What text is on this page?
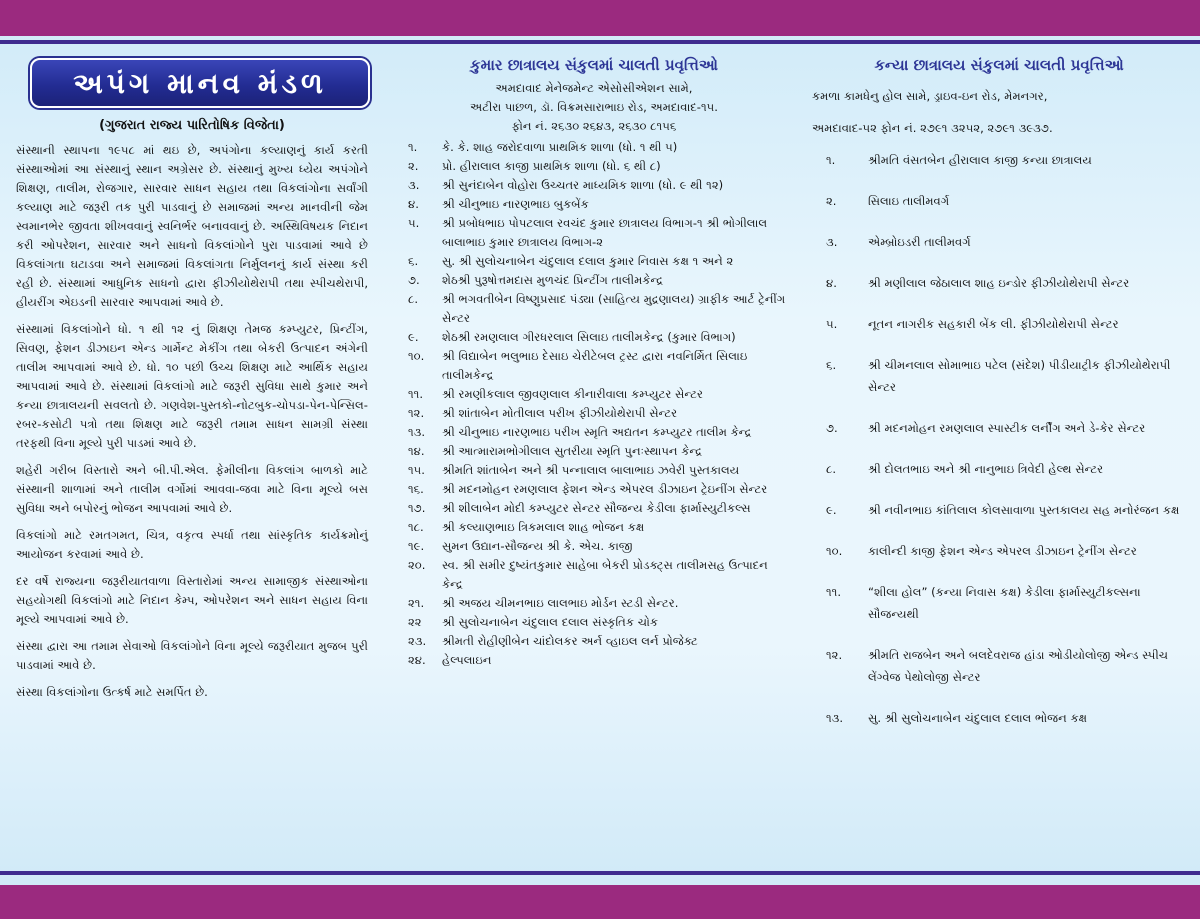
અપંગ માનવ મંડળ
(ગુજરાત રાજ્ય પારિતોષિક વિજેતા)

સંસ્થાની સ્થાપના ૧૯૫૮ માં થઇ છે, અપંગોના કલ્યાણનું કાર્ય કરતી સંસ્થાઓમાં આ સંસ્થાનું સ્થાન અગ્રેસર છે. સંસ્થાનું મુખ્ય ધ્યેય અપંગોને શિક્ષણ, તાલીમ, રોજગાર, સારવાર સાધન સહાય તથા વિકલાંગોના સર્વાંગી કલ્યાણ માટે જરૂરી તક પુરી પાડવાનું છે સમાજમાં અન્ય માનવીની જેમ સ્વમાનભેર જીવતા શીખવવાનું સ્વનિર્ભર બનાવવાનું છે. અસ્થિવિષયક નિદાન કરી ઓપરેશન, સારવાર અને સાધનો વિકલાંગોને પુરા પાડવામાં આવે છે વિકલાંગતા ઘટાડવા અને સમાજમાં વિકલાંગતા નિર્મુલનનું કાર્ય સંસ્થા કરી રહી છે. સંસ્થામાં આધુનિક સાધનો દ્વારા ફીઝીયોથેરાપી તથા સ્પીચથેરાપી, હીયરીંગ એઇડની સારવાર આપવામાં આવે છે.

સંસ્થામાં વિકલાંગોને ધો. ૧ થી ૧૨ નું શિક્ષણ તેમજ કમ્પ્યુટર, પ્રિન્ટીંગ, સિવણ, ફેશન ડીઝાઇન એન્ડ ગાર્મેન્ટ મેકીંગ તથા બેકરી ઉત્પાદન અંગેની તાલીમ આપવામાં આવે છે. ધો. ૧૦ પછી ઉચ્ચ શિક્ષણ માટે આર્થિક સહાય આપવામાં આવે છે. સંસ્થામાં વિકલાંગો માટે જરૂરી સુવિધા સાથે કુમાર અને કન્યા છાત્રાલયની સવલતો છે. ગણવેશ-પુસ્તકો-નોટબુક-ચોપડા-પેન-પેન્સિલ-રબર-કસોટી પત્રો તથા શિક્ષણ માટે જરૂરી તમામ સાધન સામગ્રી સંસ્થા તરફથી વિના મૂલ્યે પુરી પાડમાં આવે છે.

શહેરી ગરીબ વિસ્તારો અને બી.પી.એલ. ફેમીલીના વિકલાંગ બાળકો માટે સંસ્થાની શાળામાં અને તાલીમ વર્ગોમાં આવવા-જવા માટે વિના મૂલ્યે બસ સુવિધા અને બપોરનું ભોજન આપવામાં આવે છે.

વિકલાંગો માટે રમતગમત, ચિત્ર, વકૃત્વ સ્પર્ધા તથા સાંસ્કૃતિક કાર્યક્રમોનું આયોજન કરવામાં આવે છે.

દર વર્ષે રાજ્યના જરૂરીયાતવાળા વિસ્તારોમાં અન્ય સામાજીક સંસ્થાઓના સહયોગથી વિકલાંગો માટે નિદાન કેમ્પ, ઓપરેશન અને સાધન સહાય વિના મૂલ્યે આપવામાં આવે છે.

સંસ્થા દ્વારા આ તમામ સેવાઓ વિકલાંગોને વિના મૂલ્યે જરૂરીયાત મુજબ પુરી પાડવામાં આવે છે.

સંસ્થા વિકલાંગોના ઉત્કર્ષ માટે સમર્પિત છે.

કુમાર છાત્રાલય સંકુલમાં ચાલતી પ્રવૃત્તિઓ

અમદાવાદ મેનેજમેન્ટ એસોસીએશન સામે,

અટીરા પાછળ, ડૉ. વિક્રમસારાભાઇ રોડ, અમદાવાદ-૧૫.

ફોન નં. ૨૬૩૦ ૨૬૪૩, ૨૬૩૦ ૮૧૫૬

૧.	કે. કે. શાહ જરોદવાળા પ્રાથમિક શાળા (ધો. ૧ થી ૫)
૨.	પ્રો. હીરાલાલ કાજી પ્રાથમિક શાળા (ધો. ૬ થી ૮)
૩.	શ્રી સુનંદાબેન વોહોરા ઉચ્ચતર માધ્યમિક શાળા (ધો. ૯ થી ૧૨)
૪.	શ્રી ચીનુભાઇ નારણભાઇ બુકબેંક
૫.	શ્રી પ્રબોધભાઇ પોપટલાલ રવચંદ કુમાર છાત્રાલય વિભાગ-૧ શ્રી ભોગીલાલ બાલાભાઇ કુમાર છાત્રાલય વિભાગ-૨
૬.	સુ. શ્રી સુલોચનાબેન ચંદુલાલ દલાલ કુમાર નિવાસ કક્ષ ૧ અને ૨
૭.	શેઠશ્રી પુરૂષોત્તમદાસ મુળચંદ પ્રિન્ટીંગ તાલીમકેન્દ્ર
૮.	શ્રી ભગવતીબેન વિષ્ણુપ્રસાદ પંડ્યા (સાહિત્ય મુદ્રણાલય) ગ્રાફીક આર્ટ ટ્રેનીંગ સેન્ટર
૯.	શેઠશ્રી રમણલાલ ગીરધરલાલ સિલાઇ તાલીમકેન્દ્ર (કુમાર વિભાગ)
૧૦.	શ્રી વિદ્યાબેન ભલુભાઇ દેસાઇ ચેરીટેબલ ટ્રસ્ટ દ્વારા નવનિર્મિત સિલાઇ તાલીમકેન્દ્ર
૧૧.	શ્રી રમણીકલાલ જીવણલાલ કીનારીવાલા કમ્પ્યુટર સેન્ટર
૧૨.	શ્રી શાંતાબેન મોતીલાલ પરીખ ફીઝીયોથેરાપી સેન્ટર
૧૩.	શ્રી ચીનુભાઇ નારણભાઇ પરીખ સ્મૃતિ અદ્યતન કમ્પ્યુટર તાલીમ કેન્દ્ર
૧૪.	શ્રી આત્મારામભોગીલાલ સુતરીયા સ્મૃતિ પુનઃસ્થાપન કેન્દ્ર
૧૫.	શ્રીમતિ શાંતાબેન અને શ્રી પન્નાલાલ બાલાભાઇ ઝવેરી પુસ્તકાલય
૧૬.	શ્રી મદનમોહન રમણલાલ ફેશન એન્ડ એપરલ ડીઝાઇન ટ્રેઇનીંગ સેન્ટર
૧૭.	શ્રી શીલાબેન મોદી કમ્પ્યુટર સેન્ટર સૌજન્ય કેડીલા ફાર્માસ્યુટીકલ્સ
૧૮.	શ્રી કલ્યાણભાઇ ત્રિકમલાલ શાહ ભોજન કક્ષ
૧૯.	સુમન ઉદ્યાન-સૌજન્ય શ્રી કે. એચ. કાજી
૨૦.	સ્વ. શ્રી સમીર દુષ્યંતકુમાર સાહેબા બેકરી પ્રોડક્ટ્સ તાલીમસહ ઉત્પાદન કેન્દ્ર
૨૧.	શ્રી અજય ચીમનભાઇ લાલભાઇ મોર્ડન સ્ટડી સેન્ટર.
૨૨	શ્રી સુલોચનાબેન ચંદુલાલ દલાલ સંસ્કૃતિક ચોક
૨૩.	શ્રીમતી રોહીણીબેન ચાંદોલકર અર્ન વ્હાઇલ લર્ન પ્રોજેક્ટ
૨૪.	હેલ્પલાઇન
કન્યા છાત્રાલય સંકુલમાં ચાલતી પ્રવૃત્તિઓ

કમળા કામધેનુ હોલ સામે, ડ્રાઇવ-ઇન રોડ, મેમનગર,

અમદાવાદ-૫૨ ફોન નં. ૨૭૯૧ ૩૨૫૨, ૨૭૯૧ ૩૯૩૭.

૧.	શ્રીમતિ વંસતબેન હીરાલાલ કાજી કન્યા છાત્રાલય
૨.	સિલાઇ તાલીમવર્ગ
૩.	એમ્બ્રોઇડરી તાલીમવર્ગ
૪.	શ્રી મણીલાલ જેઠાલાલ શાહ ઇન્ડોર ફીઝીયોથેરાપી સેન્ટર
૫.	નૂતન નાગરીક સહકારી બેંક લી. ફીઝીયોથેરાપી સેન્ટર
૬.	શ્રી ચીમનલાલ સોમાભાઇ પટેલ (સંદેશ) પીડીયાટ્રીક ફીઝીયોથેરાપી સેન્ટર
૭.	શ્રી મદનમોહન રમણલાલ સ્પાસ્ટીક લર્નીંગ અને ડે-કેર સેન્ટર
૮.	શ્રી દોલતભાઇ અને શ્રી નાનુભાઇ ત્રિવેદી હેલ્થ સેન્ટર
૯.	શ્રી નવીનભાઇ કાંતિલાલ કોલસાવાળા પુસ્તકાલય સહ મનોરંજન કક્ષ
૧૦.	કાલીન્દી કાજી ફેશન એન્ડ એપરલ ડીઝાઇન ટ્રેનીંગ સેન્ટર
૧૧.	“શીલા હોલ” (કન્યા નિવાસ કક્ષ) કેડીલા ફાર્માસ્યુટીકલ્સના સૌજન્યથી
૧૨.	શ્રીમતિ રાજબેન અને બલદેવરાજ હાંડા ઓડીયોલોજી એન્ડ સ્પીચ લેંગ્વેજ પેથોલોજી સેન્ટર
૧૩.	સુ. શ્રી સુલોચનાબેન ચંદુલાલ દલાલ ભોજન કક્ષ
